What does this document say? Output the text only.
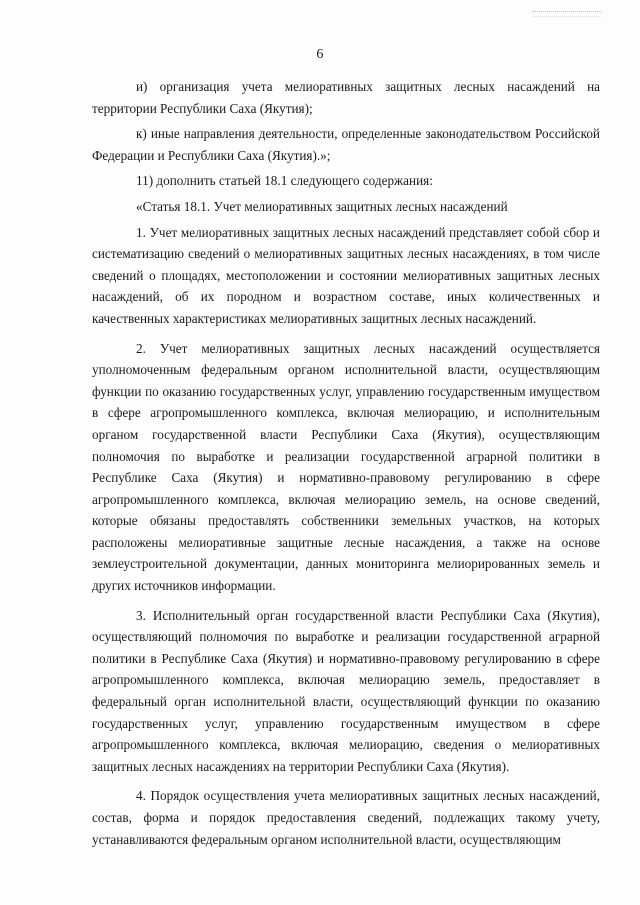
6

и) организация учета мелиоративных защитных лесных насаждений на территории Республики Саха (Якутия);

к) иные направления деятельности, определенные законодательством Российской Федерации и Республики Саха (Якутия).»;

11) дополнить статьей 18.1 следующего содержания:

«Статья 18.1. Учет мелиоративных защитных лесных насаждений

1. Учет мелиоративных защитных лесных насаждений представляет собой сбор и систематизацию сведений о мелиоративных защитных лесных насаждениях, в том числе сведений о площадях, местоположении и состоянии мелиоративных защитных лесных насаждений, об их породном и возрастном составе, иных количественных и качественных характеристиках мелиоративных защитных лесных насаждений.

2. Учет мелиоративных защитных лесных насаждений осуществляется уполномоченным федеральным органом исполнительной власти, осуществляющим функции по оказанию государственных услуг, управлению государственным имуществом в сфере агропромышленного комплекса, включая мелиорацию, и исполнительным органом государственной власти Республики Саха (Якутия), осуществляющим полномочия по выработке и реализации государственной аграрной политики в Республике Саха (Якутия) и нормативно-правовому регулированию в сфере агропромышленного комплекса, включая мелиорацию земель, на основе сведений, которые обязаны предоставлять собственники земельных участков, на которых расположены мелиоративные защитные лесные насаждения, а также на основе землеустроительной документации, данных мониторинга мелиорированных земель и других источников информации.

3. Исполнительный орган государственной власти Республики Саха (Якутия), осуществляющий полномочия по выработке и реализации государственной аграрной политики в Республике Саха (Якутия) и нормативно-правовому регулированию в сфере агропромышленного комплекса, включая мелиорацию земель, предоставляет в федеральный орган исполнительной власти, осуществляющий функции по оказанию государственных услуг, управлению государственным имуществом в сфере агропромышленного комплекса, включая мелиорацию, сведения о мелиоративных защитных лесных насаждениях на территории Республики Саха (Якутия).

4. Порядок осуществления учета мелиоративных защитных лесных насаждений, состав, форма и порядок предоставления сведений, подлежащих такому учету, устанавливаются федеральным органом исполнительной власти, осуществляющим
